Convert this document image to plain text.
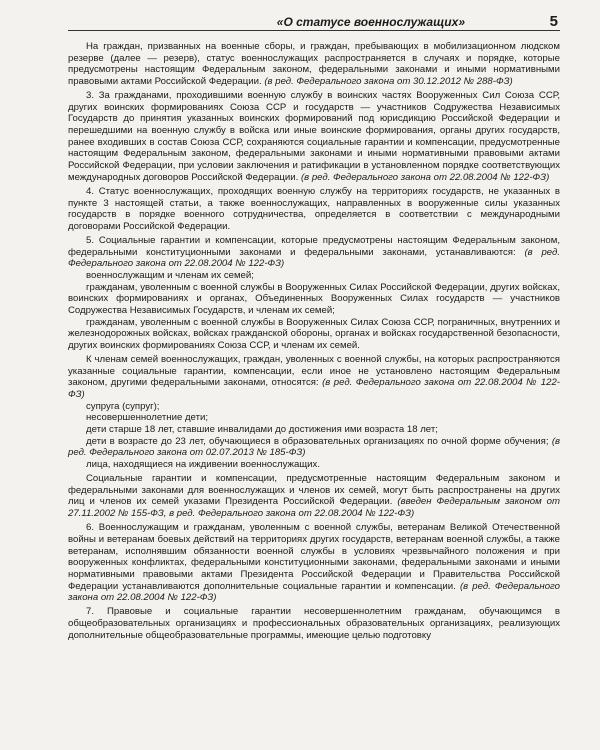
«О статусе военнослужащих»	5

На граждан, призванных на военные сборы, и граждан, пребывающих в мобилизационном людском резерве (далее — резерв), статус военнослужащих распространяется в случаях и порядке, которые предусмотрены настоящим Федеральным законом, федеральными законами и иными нормативными правовыми актами Российской Федерации. (в ред. Федерального закона от 30.12.2012 № 288-ФЗ)

3. За гражданами, проходившими военную службу в воинских частях Вооруженных Сил Союза ССР, других воинских формированиях Союза ССР и государств — участников Содружества Независимых Государств до принятия указанных воинских формирований под юрисдикцию Российской Федерации и перешедшими на военную службу в войска или иные воинские формирования, органы других государств, ранее входивших в состав Союза ССР, сохраняются социальные гарантии и компенсации, предусмотренные настоящим Федеральным законом, федеральными законами и иными нормативными правовыми актами Российской Федерации, при условии заключения и ратификации в установленном порядке соответствующих международных договоров Российской Федерации. (в ред. Федерального закона от 22.08.2004 № 122-ФЗ)

4. Статус военнослужащих, проходящих военную службу на территориях государств, не указанных в пункте 3 настоящей статьи, а также военнослужащих, направленных в вооруженные силы указанных государств в порядке военного сотрудничества, определяется в соответствии с международными договорами Российской Федерации.

5. Социальные гарантии и компенсации, которые предусмотрены настоящим Федеральным законом, федеральными конституционными законами и федеральными законами, устанавливаются: (в ред. Федерального закона от 22.08.2004 № 122-ФЗ)

военнослужащим и членам их семей;

гражданам, уволенным с военной службы в Вооруженных Силах Российской Федерации, других войсках, воинских формированиях и органах, Объединенных Вооруженных Силах государств — участников Содружества Независимых Государств, и членам их семей;

гражданам, уволенным с военной службы в Вооруженных Силах Союза ССР, пограничных, внутренних и железнодорожных войсках, войсках гражданской обороны, органах и войсках государственной безопасности, других воинских формированиях Союза ССР, и членам их семей.

К членам семей военнослужащих, граждан, уволенных с военной службы, на которых распространяются указанные социальные гарантии, компенсации, если иное не установлено настоящим Федеральным законом, другими федеральными законами, относятся: (в ред. Федерального закона от 22.08.2004 № 122-ФЗ)

супруга (супруг);

несовершеннолетние дети;

дети старше 18 лет, ставшие инвалидами до достижения ими возраста 18 лет;

дети в возрасте до 23 лет, обучающиеся в образовательных организациях по очной форме обучения; (в ред. Федерального закона от 02.07.2013 № 185-ФЗ)

лица, находящиеся на иждивении военнослужащих.

Социальные гарантии и компенсации, предусмотренные настоящим Федеральным законом и федеральными законами для военнослужащих и членов их семей, могут быть распространены на других лиц и членов их семей указами Президента Российской Федерации. (введен Федеральным законом от 27.11.2002 № 155-ФЗ, в ред. Федерального закона от 22.08.2004 № 122-ФЗ)

6. Военнослужащим и гражданам, уволенным с военной службы, ветеранам Великой Отечественной войны и ветеранам боевых действий на территориях других государств, ветеранам военной службы, а также ветеранам, исполнявшим обязанности военной службы в условиях чрезвычайного положения и при вооруженных конфликтах, федеральными конституционными законами, федеральными законами и иными нормативными правовыми актами Президента Российской Федерации и Правительства Российской Федерации устанавливаются дополнительные социальные гарантии и компенсации. (в ред. Федерального закона от 22.08.2004 № 122-ФЗ)

7. Правовые и социальные гарантии несовершеннолетним гражданам, обучающимся в общеобразовательных организациях и профессиональных образовательных организациях, реализующих дополнительные общеобразовательные программы, имеющие целью подготовку
